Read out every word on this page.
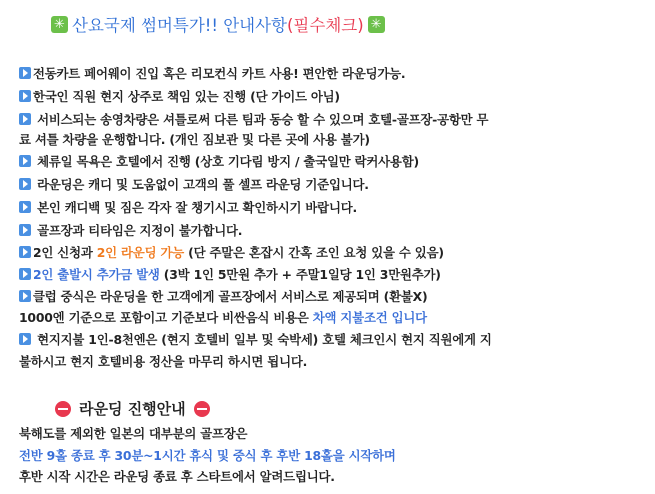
✳ 산요국제 썸머특가!! 안내사항 (필수체크) ✳
전동카트 페어웨이 진입 혹은 리모컨식 카트 사용! 편안한 라운딩가능.
한국인 직원 현지 상주로 책임 있는 진행 (단 가이드 아님)
서비스되는 송영차량은 셔틀로써 다른 팀과 동승 할 수 있으며 호텔-골프장-공항만 무
료 셔틀 차량을 운행합니다. (개인 짐보관 및 다른 곳에 사용 불가)
체류일 목욕은 호텔에서 진행 (상호 기다림 방지 / 출국일만 락커사용함)
라운딩은 캐디 및 도움없이 고객의 풀 셀프 라운딩 기준입니다.
본인 캐디백 및 짐은 각자 잘 챙기시고 확인하시기 바랍니다.
골프장과 티타임은 지정이 불가합니다.
2인 신청과 2인 라운딩 가능 (단 주말은 혼잡시 간혹 조인 요청 있을 수 있음)
2인 출발시 추가금 발생 (3박 1인 5만원 추가 + 주말1일당 1인 3만원추가)
클럽 중식은 라운딩을 한 고객에게 골프장에서 서비스로 제공되며 (환불X)
1000엔 기준으로 포함이고 기준보다 비싼음식 비용은 차액 지불조건 입니다
현지지불 1인-8천엔은 (현지 호텔비 일부 및 숙박세) 호텔 체크인시 현지 직원에게 지
불하시고 현지 호텔비용 정산을 마무리 하시면 됩니다.
라운딩 진행안내
북해도를 제외한 일본의 대부분의 골프장은
전반 9홀 종료 후 30분~1시간 휴식 및 중식 후 후반 18홀을 시작하며
후반 시작 시간은 라운딩 종료 후 스타트에서 알려드립니다.
